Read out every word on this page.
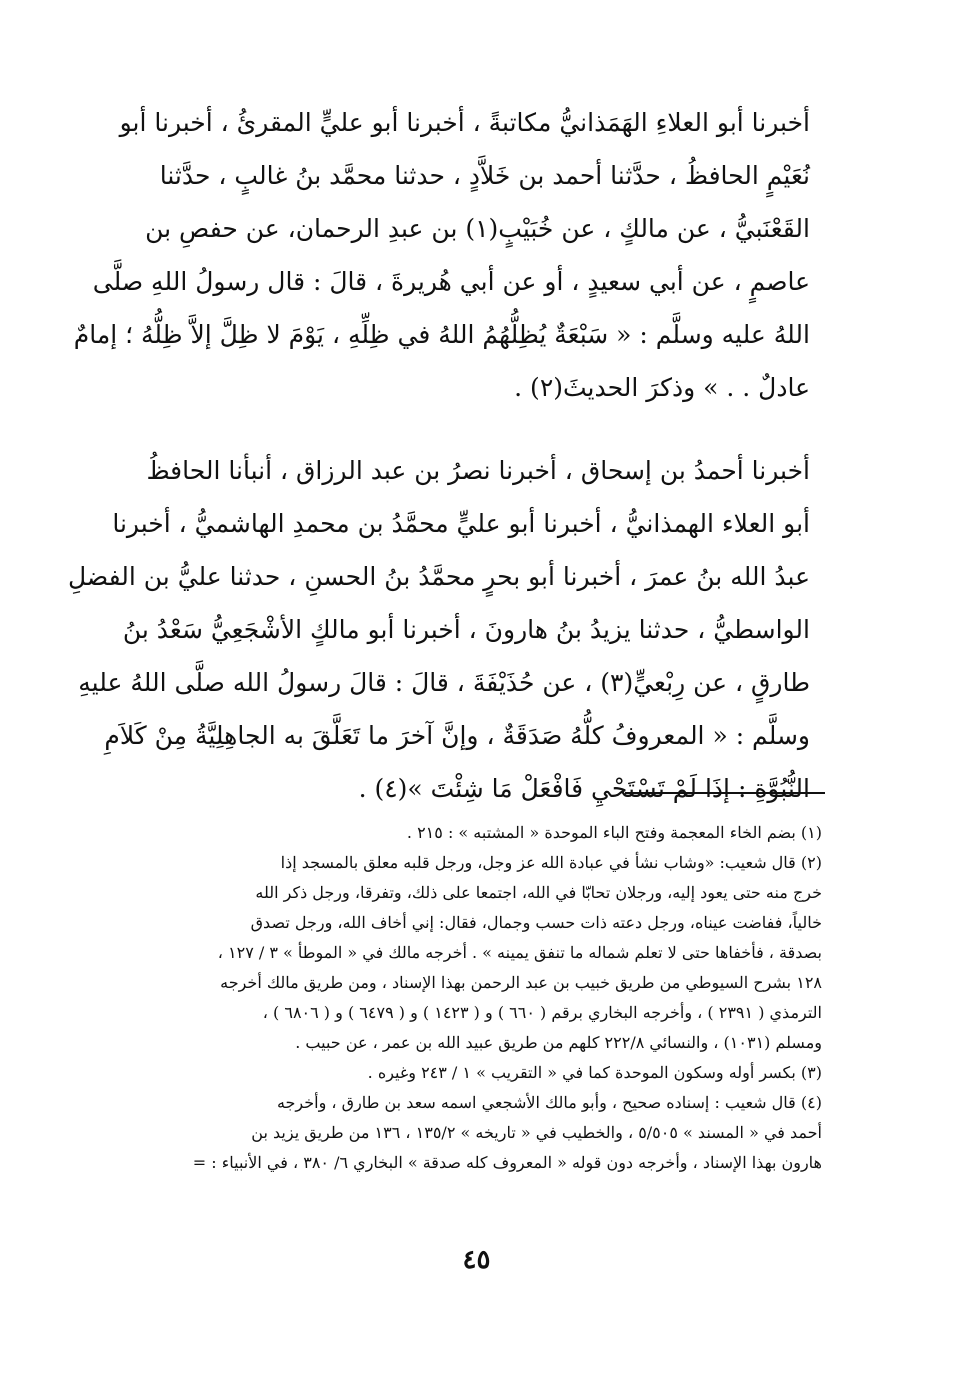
أخبرنا أبو العلاءِ الهَمَذانيُّ مكاتبةً ، أخبرنا أبو عليٍّ المقرئُ ، أخبرنا أبو
نُعَيْمٍ الحافظُ ، حدَّثنا أحمد بن خَلاَّدٍ ، حدثنا محمَّد بنُ غالبٍ ، حدَّثنا
القَعْنَبيُّ ، عن مالكٍ ، عن خُبَيْبٍ(١) بن عبدِ الرحمان، عن حفصِ بن
عاصمٍ ، عن أبي سعيدٍ ، أو عن أبي هُريرةَ ، قالَ : قال رسولُ اللهِ صلَّى
اللهُ عليه وسلَّم : « سَبْعَةٌ يُظِلُّهُمُ اللهُ في ظِلِّهِ ، يَوْمَ لا ظِلَّ إلاَّ ظِلُّهُ ؛ إمامٌ
عادلٌ . . » وذكرَ الحديثَ(٢) .

أخبرنا أحمدُ بن إسحاق ، أخبرنا نصرُ بن عبد الرزاق ، أنبأنا الحافظُ
أبو العلاء الهمذانيُّ ، أخبرنا أبو عليٍّ محمَّدُ بن محمدِ الهاشميُّ ، أخبرنا
عبدُ الله بنُ عمرَ ، أخبرنا أبو بحرٍ محمَّدُ بنُ الحسنِ ، حدثنا عليُّ بن الفضلِ
الواسطيُّ ، حدثنا يزيدُ بنُ هارونَ ، أخبرنا أبو مالكٍ الأشْجَعِيُّ سَعْدُ بنُ
طارقٍ ، عن رِبْعيٍّ(٣) ، عن حُذَيْفَةَ ، قالَ : قالَ رسولُ الله صلَّى اللهُ عليهِ
وسلَّم : « المعروفُ كلُّهُ صَدَقَةٌ ، وإنَّ آخرَ ما تَعَلَّقَ به الجاهِلِيَّةُ مِنْ كَلاَمِ
النُّبُوَّةِ : إذَا لَمْ تَسْتَحْيِ فَافْعَلْ مَا شِئْتَ »(٤) .

(١) بضم الخاء المعجمة وفتح الباء الموحدة « المشتبه » : ٢١٥ .

(٢) قال شعيب: «وشاب نشأ في عبادة الله عز وجل، ورجل قلبه معلق بالمسجد إذا
خرج منه حتى يعود إليه، ورجلان تحابّا في الله، اجتمعا على ذلك، وتفرقا، ورجل ذكر الله
خالياً، ففاضت عيناه، ورجل دعته ذات حسب وجمال، فقال: إني أخاف الله، ورجل تصدق
بصدقة ، فأخفاها حتى لا تعلم شماله ما تنفق يمينه » . أخرجه مالك في « الموطأ » ٣ / ١٢٧ ،
١٢٨ بشرح السيوطي من طريق خبيب بن عبد الرحمن بهذا الإسناد ، ومن طريق مالك أخرجه
الترمذي ( ٢٣٩١ ) ، وأخرجه البخاري برقم ( ٦٦٠ ) و ( ١٤٢٣ ) و ( ٦٤٧٩ ) و ( ٦٨٠٦ ) ،
ومسلم (١٠٣١) ، والنسائي ٢٢٢/٨ كلهم من طريق عبيد الله بن عمر ، عن حبيب .

(٣) بكسر أوله وسكون الموحدة كما في « التقريب » ١ / ٢٤٣ وغيره .

(٤) قال شعيب : إسناده صحيح ، وأبو مالك الأشجعي اسمه سعد بن طارق ، وأخرجه
أحمد في « المسند » ٥/٥٠٥ ، والخطيب في « تاريخه » ١٣٥/٢ ، ١٣٦ من طريق يزيد بن
هارون بهذا الإسناد ، وأخرجه دون قوله « المعروف كله صدقة » البخاري ٦/ ٣٨٠ ، في الأنبياء : =

٤٥
